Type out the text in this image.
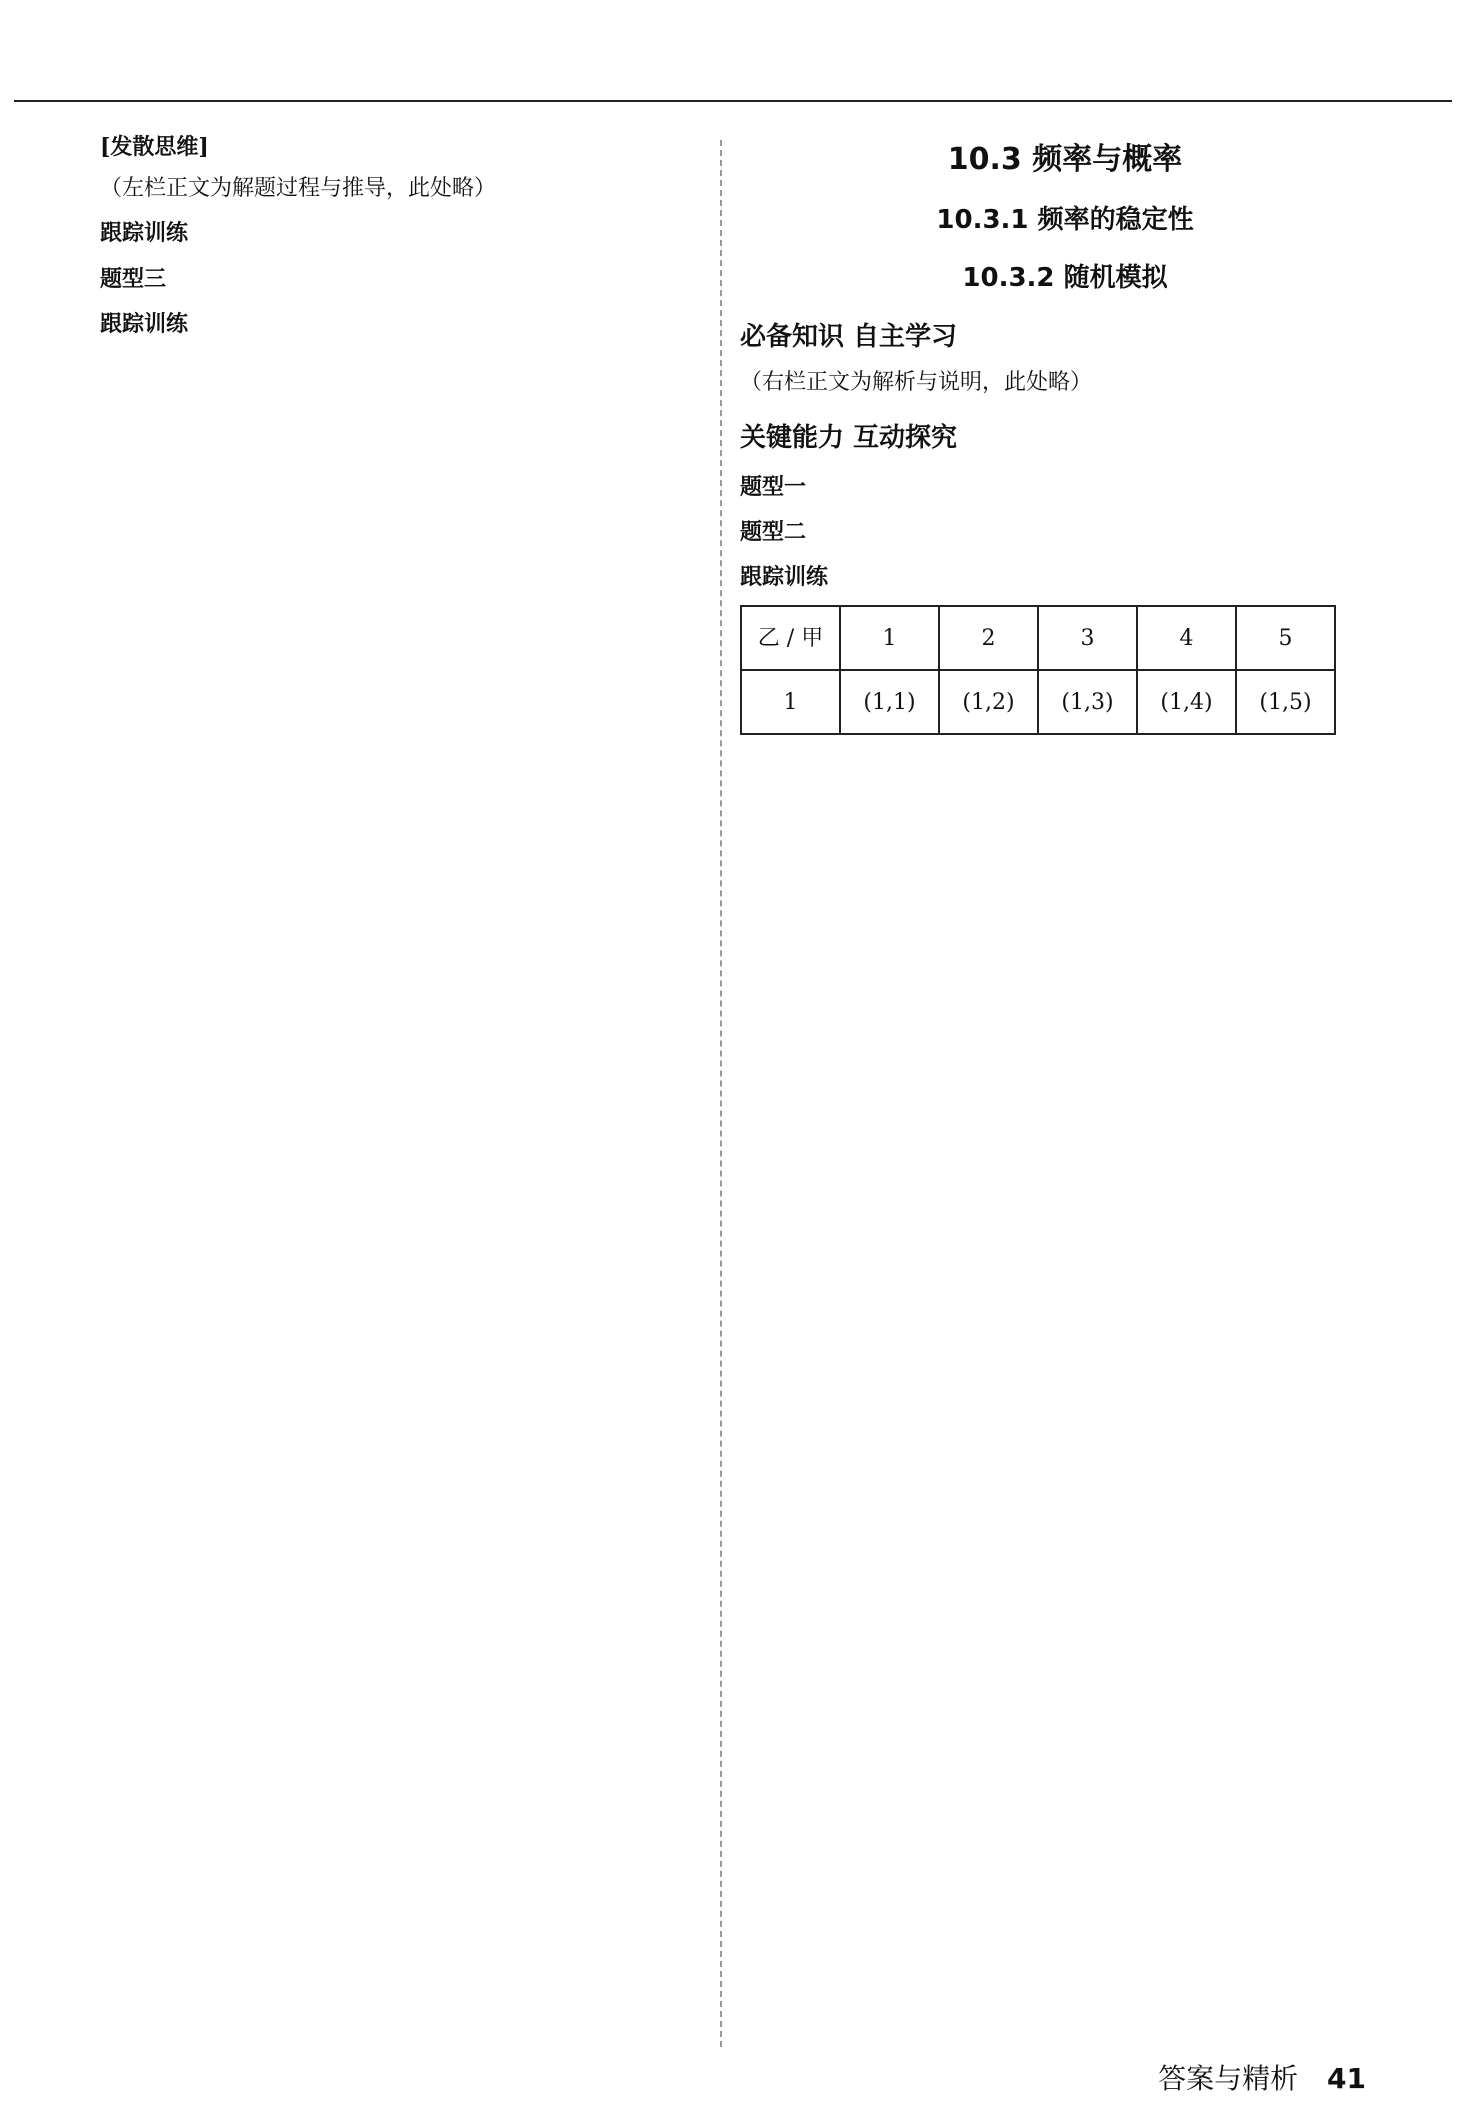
[发散思维]
（左栏正文为解题过程与推导，此处略）
跟踪训练
题型三
跟踪训练
10.3 频率与概率
10.3.1 频率的稳定性
10.3.2 随机模拟
必备知识 自主学习
（右栏正文为解析与说明，此处略）
关键能力 互动探究
题型一
题型二
跟踪训练
乙 / 甲	1	2	3	4	5
1	(1,1)	(1,2)	(1,3)	(1,4)	(1,5)
答案与精析 41
